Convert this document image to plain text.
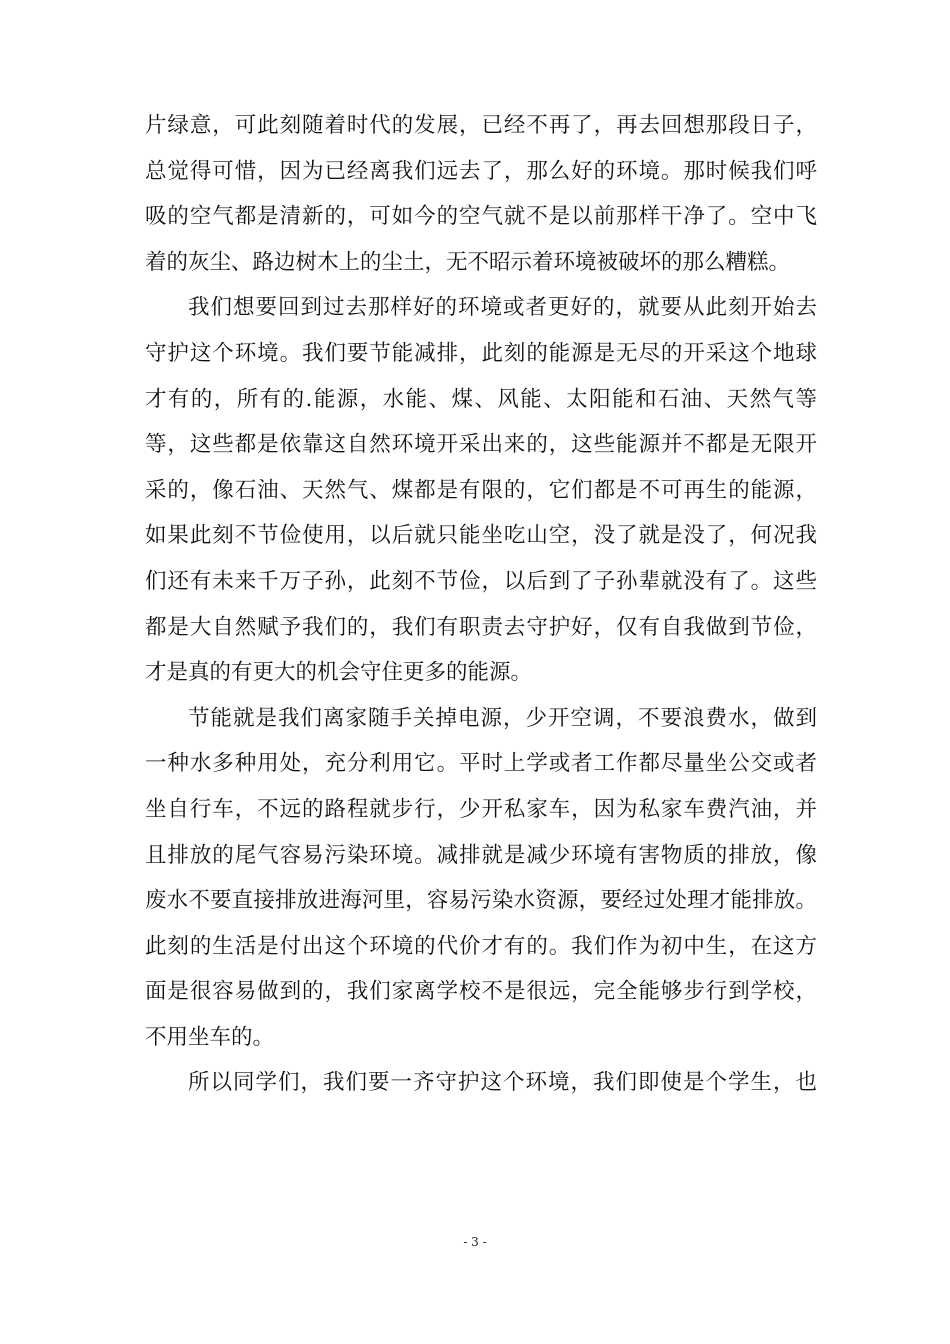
片绿意，可此刻随着时代的发展，已经不再了，再去回想那段日子，
总觉得可惜，因为已经离我们远去了，那么好的环境。那时候我们呼
吸的空气都是清新的，可如今的空气就不是以前那样干净了。空中飞
着的灰尘、路边树木上的尘土，无不昭示着环境被破坏的那么糟糕。
我们想要回到过去那样好的环境或者更好的，就要从此刻开始去
守护这个环境。我们要节能减排，此刻的能源是无尽的开采这个地球
才有的，所有的.能源，水能、煤、风能、太阳能和石油、天然气等
等，这些都是依靠这自然环境开采出来的，这些能源并不都是无限开
采的，像石油、天然气、煤都是有限的，它们都是不可再生的能源，
如果此刻不节俭使用，以后就只能坐吃山空，没了就是没了，何况我
们还有未来千万子孙，此刻不节俭，以后到了子孙辈就没有了。这些
都是大自然赋予我们的，我们有职责去守护好，仅有自我做到节俭，
才是真的有更大的机会守住更多的能源。
节能就是我们离家随手关掉电源，少开空调，不要浪费水，做到
一种水多种用处，充分利用它。平时上学或者工作都尽量坐公交或者
坐自行车，不远的路程就步行，少开私家车，因为私家车费汽油，并
且排放的尾气容易污染环境。减排就是减少环境有害物质的排放，像
废水不要直接排放进海河里，容易污染水资源，要经过处理才能排放。
此刻的生活是付出这个环境的代价才有的。我们作为初中生，在这方
面是很容易做到的，我们家离学校不是很远，完全能够步行到学校，
不用坐车的。
所以同学们，我们要一齐守护这个环境，我们即使是个学生，也
- 3 -
